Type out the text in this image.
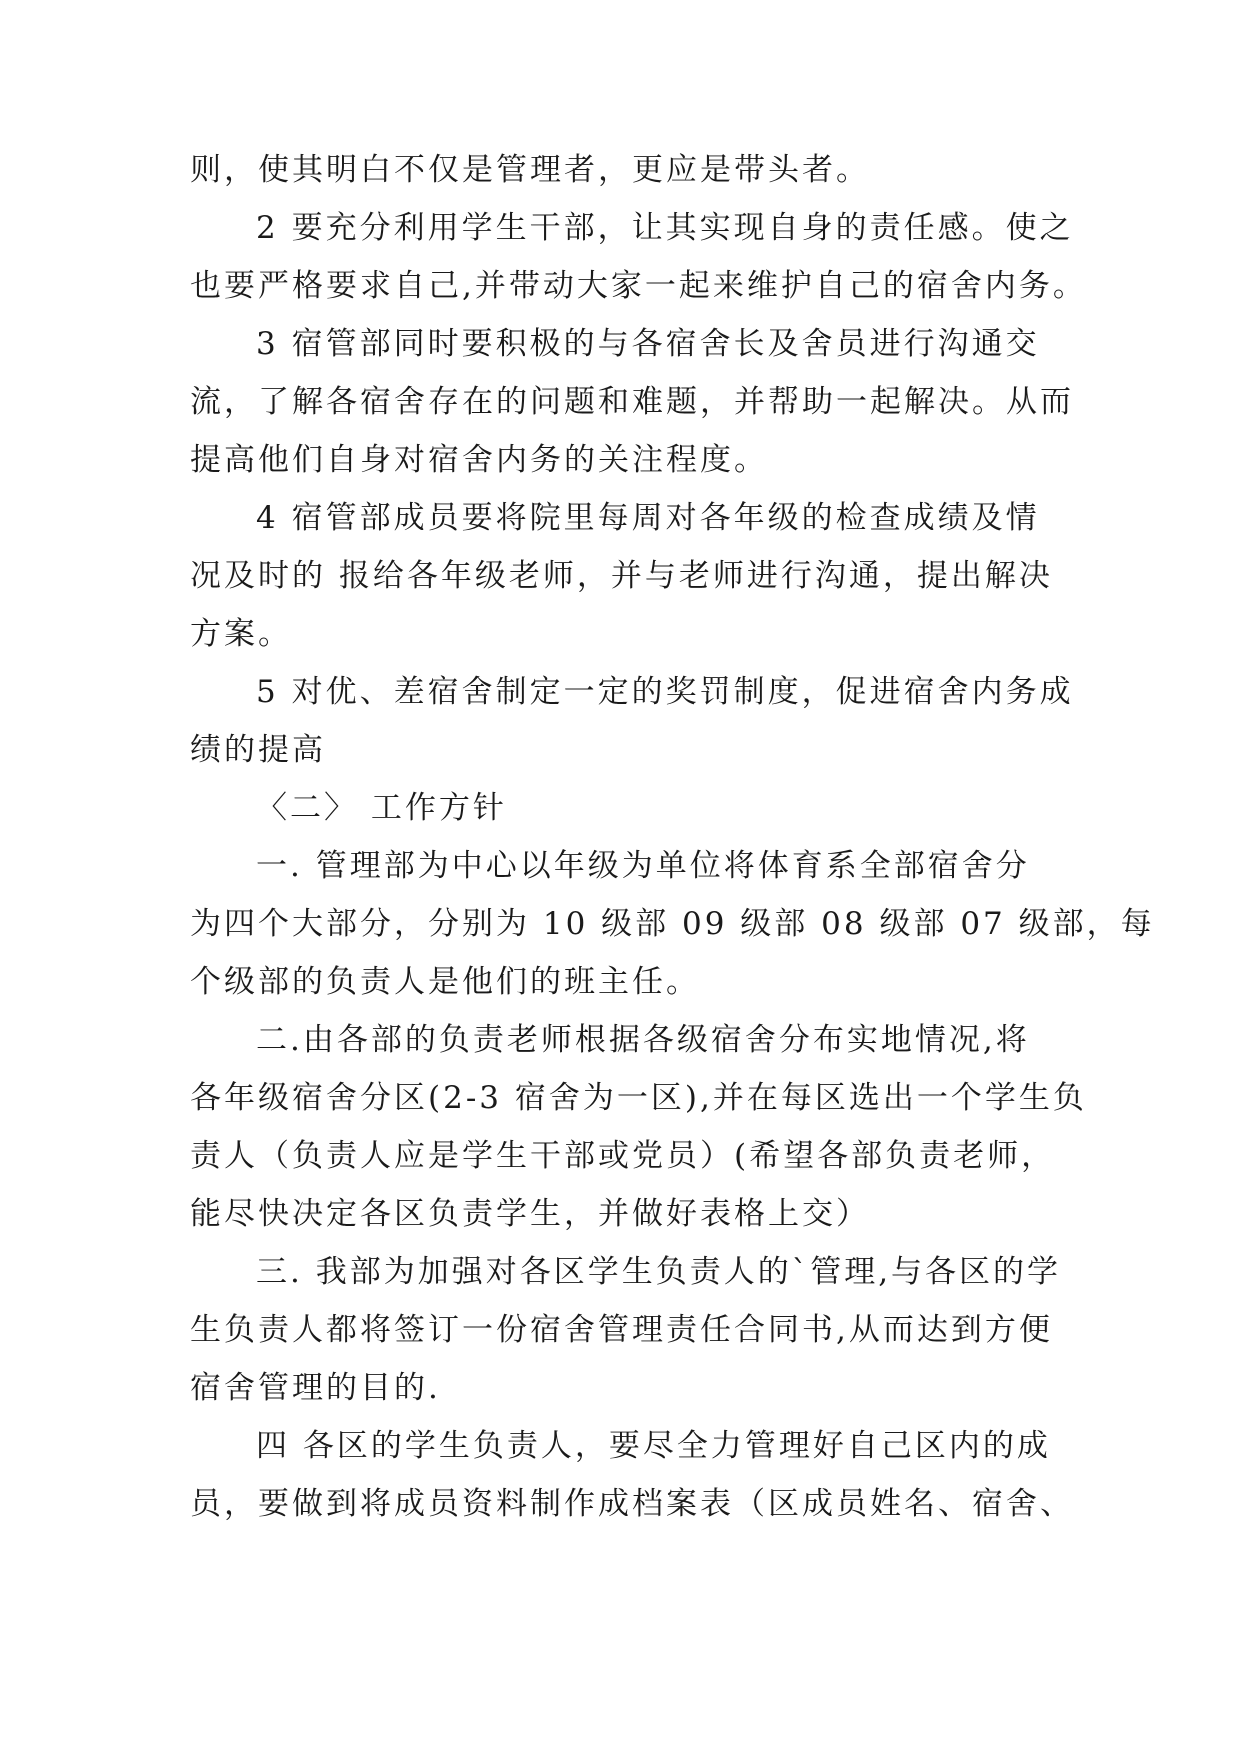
则，使其明白不仅是管理者，更应是带头者。
2 要充分利用学生干部，让其实现自身的责任感。使之
也要严格要求自己,并带动大家一起来维护自己的宿舍内务。
3 宿管部同时要积极的与各宿舍长及舍员进行沟通交
流，了解各宿舍存在的问题和难题，并帮助一起解决。从而
提高他们自身对宿舍内务的关注程度。
4 宿管部成员要将院里每周对各年级的检查成绩及情
况及时的 报给各年级老师，并与老师进行沟通，提出解决
方案。
5 对优、差宿舍制定一定的奖罚制度，促进宿舍内务成
绩的提高
〈二〉 工作方针
一. 管理部为中心以年级为单位将体育系全部宿舍分
为四个大部分，分别为 10 级部 09 级部 08 级部 07 级部，每
个级部的负责人是他们的班主任。
二.由各部的负责老师根据各级宿舍分布实地情况,将
各年级宿舍分区(2-3 宿舍为一区),并在每区选出一个学生负
责人（负责人应是学生干部或党员）(希望各部负责老师，
能尽快决定各区负责学生，并做好表格上交）
三. 我部为加强对各区学生负责人的`管理,与各区的学
生负责人都将签订一份宿舍管理责任合同书,从而达到方便
宿舍管理的目的.
四 各区的学生负责人，要尽全力管理好自己区内的成
员，要做到将成员资料制作成档案表（区成员姓名、宿舍、
